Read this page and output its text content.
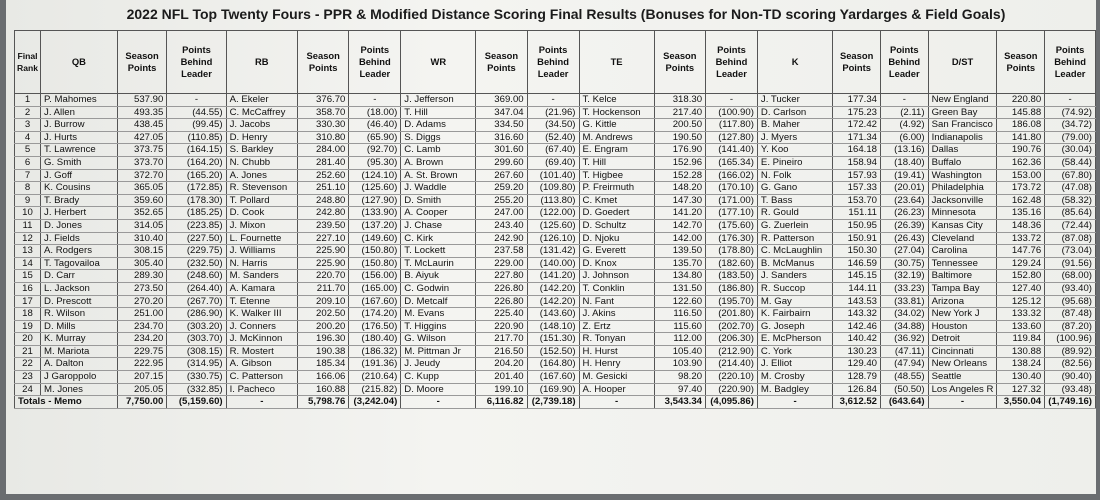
2022 NFL Top Twenty Fours - PPR & Modified Distance Scoring Final Results (Bonuses for Non-TD scoring Yardarges & Field Goals)
Final Rank	QB	Season Points	Points Behind Leader	RB	Season Points	Points Behind Leader	WR	Season Points	Points Behind Leader	TE	Season Points	Points Behind Leader	K	Season Points	Points Behind Leader	D/ST	Season Points	Points Behind Leader
1	P. Mahomes	537.90	-	A. Ekeler	376.70	-	J. Jefferson	369.00	-	T. Kelce	318.30	-	J. Tucker	177.34	-	New England	220.80	-
2	J. Allen	493.35	(44.55)	C. McCaffrey	358.70	(18.00)	T. Hill	347.04	(21.96)	T. Hockenson	217.40	(100.90)	D. Carlson	175.23	(2.11)	Green Bay	145.88	(74.92)
3	J. Burrow	438.45	(99.45)	J. Jacobs	330.30	(46.40)	D. Adams	334.50	(34.50)	G. Kittle	200.50	(117.80)	B. Maher	172.42	(4.92)	San Francisco	186.08	(34.72)
4	J. Hurts	427.05	(110.85)	D. Henry	310.80	(65.90)	S. Diggs	316.60	(52.40)	M. Andrews	190.50	(127.80)	J. Myers	171.34	(6.00)	Indianapolis	141.80	(79.00)
5	T. Lawrence	373.75	(164.15)	S. Barkley	284.00	(92.70)	C. Lamb	301.60	(67.40)	E. Engram	176.90	(141.40)	Y. Koo	164.18	(13.16)	Dallas	190.76	(30.04)
6	G. Smith	373.70	(164.20)	N. Chubb	281.40	(95.30)	A. Brown	299.60	(69.40)	T. Hill	152.96	(165.34)	E. Pineiro	158.94	(18.40)	Buffalo	162.36	(58.44)
7	J. Goff	372.70	(165.20)	A. Jones	252.60	(124.10)	A. St. Brown	267.60	(101.40)	T. Higbee	152.28	(166.02)	N. Folk	157.93	(19.41)	Washington	153.00	(67.80)
8	K. Cousins	365.05	(172.85)	R. Stevenson	251.10	(125.60)	J. Waddle	259.20	(109.80)	P. Freirmuth	148.20	(170.10)	G. Gano	157.33	(20.01)	Philadelphia	173.72	(47.08)
9	T. Brady	359.60	(178.30)	T. Pollard	248.80	(127.90)	D. Smith	255.20	(113.80)	C. Kmet	147.30	(171.00)	T. Bass	153.70	(23.64)	Jacksonville	162.48	(58.32)
10	J. Herbert	352.65	(185.25)	D. Cook	242.80	(133.90)	A. Cooper	247.00	(122.00)	D. Goedert	141.20	(177.10)	R. Gould	151.11	(26.23)	Minnesota	135.16	(85.64)
11	D. Jones	314.05	(223.85)	J. Mixon	239.50	(137.20)	J. Chase	243.40	(125.60)	D. Schultz	142.70	(175.60)	G. Zuerlein	150.95	(26.39)	Kansas City	148.36	(72.44)
12	J. Fields	310.40	(227.50)	L. Fournette	227.10	(149.60)	C. Kirk	242.90	(126.10)	D. Njoku	142.00	(176.30)	R. Patterson	150.91	(26.43)	Cleveland	133.72	(87.08)
13	A. Rodgers	308.15	(229.75)	J. Williams	225.90	(150.80)	T. Lockett	237.58	(131.42)	G. Everett	139.50	(178.80)	C. McLaughlin	150.30	(27.04)	Carolina	147.76	(73.04)
14	T. Tagovailoa	305.40	(232.50)	N. Harris	225.90	(150.80)	T. McLaurin	229.00	(140.00)	D. Knox	135.70	(182.60)	B. McManus	146.59	(30.75)	Tennessee	129.24	(91.56)
15	D. Carr	289.30	(248.60)	M. Sanders	220.70	(156.00)	B. Aiyuk	227.80	(141.20)	J. Johnson	134.80	(183.50)	J. Sanders	145.15	(32.19)	Baltimore	152.80	(68.00)
16	L. Jackson	273.50	(264.40)	A. Kamara	211.70	(165.00)	C. Godwin	226.80	(142.20)	T. Conklin	131.50	(186.80)	R. Succop	144.11	(33.23)	Tampa Bay	127.40	(93.40)
17	D. Prescott	270.20	(267.70)	T. Etenne	209.10	(167.60)	D. Metcalf	226.80	(142.20)	N. Fant	122.60	(195.70)	M. Gay	143.53	(33.81)	Arizona	125.12	(95.68)
18	R. Wilson	251.00	(286.90)	K. Walker III	202.50	(174.20)	M. Evans	225.40	(143.60)	J. Akins	116.50	(201.80)	K. Fairbairn	143.32	(34.02)	New York J	133.32	(87.48)
19	D. Mills	234.70	(303.20)	J. Conners	200.20	(176.50)	T. Higgins	220.90	(148.10)	Z. Ertz	115.60	(202.70)	G. Joseph	142.46	(34.88)	Houston	133.60	(87.20)
20	K. Murray	234.20	(303.70)	J. McKinnon	196.30	(180.40)	G. Wilson	217.70	(151.30)	R. Tonyan	112.00	(206.30)	E. McPherson	140.42	(36.92)	Detroit	119.84	(100.96)
21	M. Mariota	229.75	(308.15)	R. Mostert	190.38	(186.32)	M. Pittman Jr	216.50	(152.50)	H. Hurst	105.40	(212.90)	C. York	130.23	(47.11)	Cincinnati	130.88	(89.92)
22	A. Dalton	222.95	(314.95)	A. Gibson	185.34	(191.36)	J. Jeudy	204.20	(164.80)	H. Henry	103.90	(214.40)	J. Elliot	129.40	(47.94)	New Orleans	138.24	(82.56)
23	J Garoppolo	207.15	(330.75)	C. Patterson	166.06	(210.64)	C. Kupp	201.40	(167.60)	M. Gesicki	98.20	(220.10)	M. Crosby	128.79	(48.55)	Seattle	130.40	(90.40)
24	M. Jones	205.05	(332.85)	I. Pacheco	160.88	(215.82)	D. Moore	199.10	(169.90)	A. Hooper	97.40	(220.90)	M. Badgley	126.84	(50.50)	Los Angeles R	127.32	(93.48)
Totals - Memo		7,750.00	(5,159.60)	-	5,798.76	(3,242.04)	-	6,116.82	(2,739.18)	-	3,543.34	(4,095.86)	-	3,612.52	(643.64)	-	3,550.04	(1,749.16)
